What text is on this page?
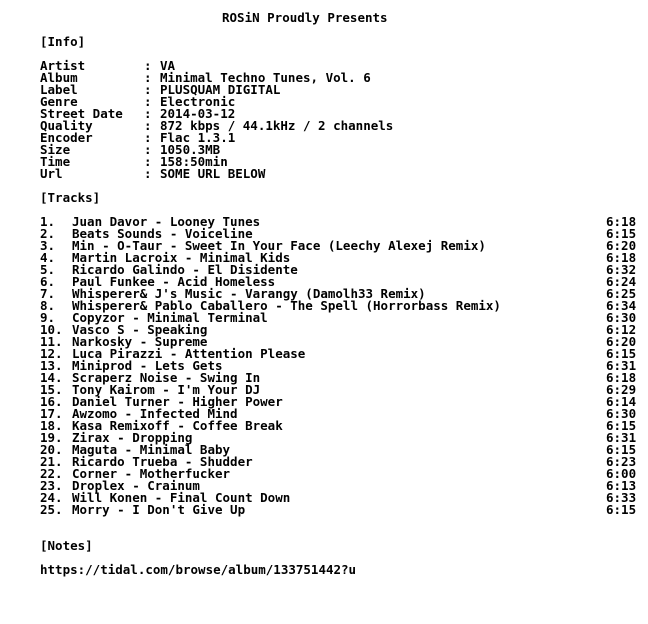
ROSiN Proudly Presents
[Info]
Artist	: VA
Album	: Minimal Techno Tunes, Vol. 6
Label	: PLUSQUAM DIGITAL
Genre	: Electronic
Street Date : 2014-03-12
Quality	: 872 kbps / 44.1kHz / 2 channels
Encoder	: Flac 1.3.1
Size	: 1050.3MB
Time	: 158:50min
Url	: SOME URL BELOW
[Tracks]
1. Juan Davor - Looney Tunes	6:18
2. Beats Sounds - Voiceline	6:15
3. Min - O-Taur - Sweet In Your Face (Leechy Alexej Remix)	6:20
4. Martin Lacroix - Minimal Kids	6:18
5. Ricardo Galindo - El Disidente	6:32
6. Paul Funkee - Acid Homeless	6:24
7. Whisperer& J's Music - Varangy (Damolh33 Remix)	6:25
8. Whisperer& Pablo Caballero - The Spell (Horrorbass Remix)	6:34
9. Copyzor - Minimal Terminal	6:30
10. Vasco S - Speaking	6:12
11. Narkosky - Supreme	6:20
12. Luca Pirazzi - Attention Please	6:15
13. Miniprod - Lets Gets	6:31
14. Scraperz Noise - Swing In	6:18
15. Tony Kairom - I'm Your DJ	6:29
16. Daniel Turner - Higher Power	6:14
17. Awzomo - Infected Mind	6:30
18. Kasa Remixoff - Coffee Break	6:15
19. Zirax - Dropping	6:31
20. Maguta - Minimal Baby	6:15
21. Ricardo Trueba - Shudder	6:23
22. Corner - Motherfucker	6:00
23. Droplex - Crainum	6:13
24. Will Konen - Final Count Down	6:33
25. Morry - I Don't Give Up	6:15
[Notes]
https://tidal.com/browse/album/133751442?u
